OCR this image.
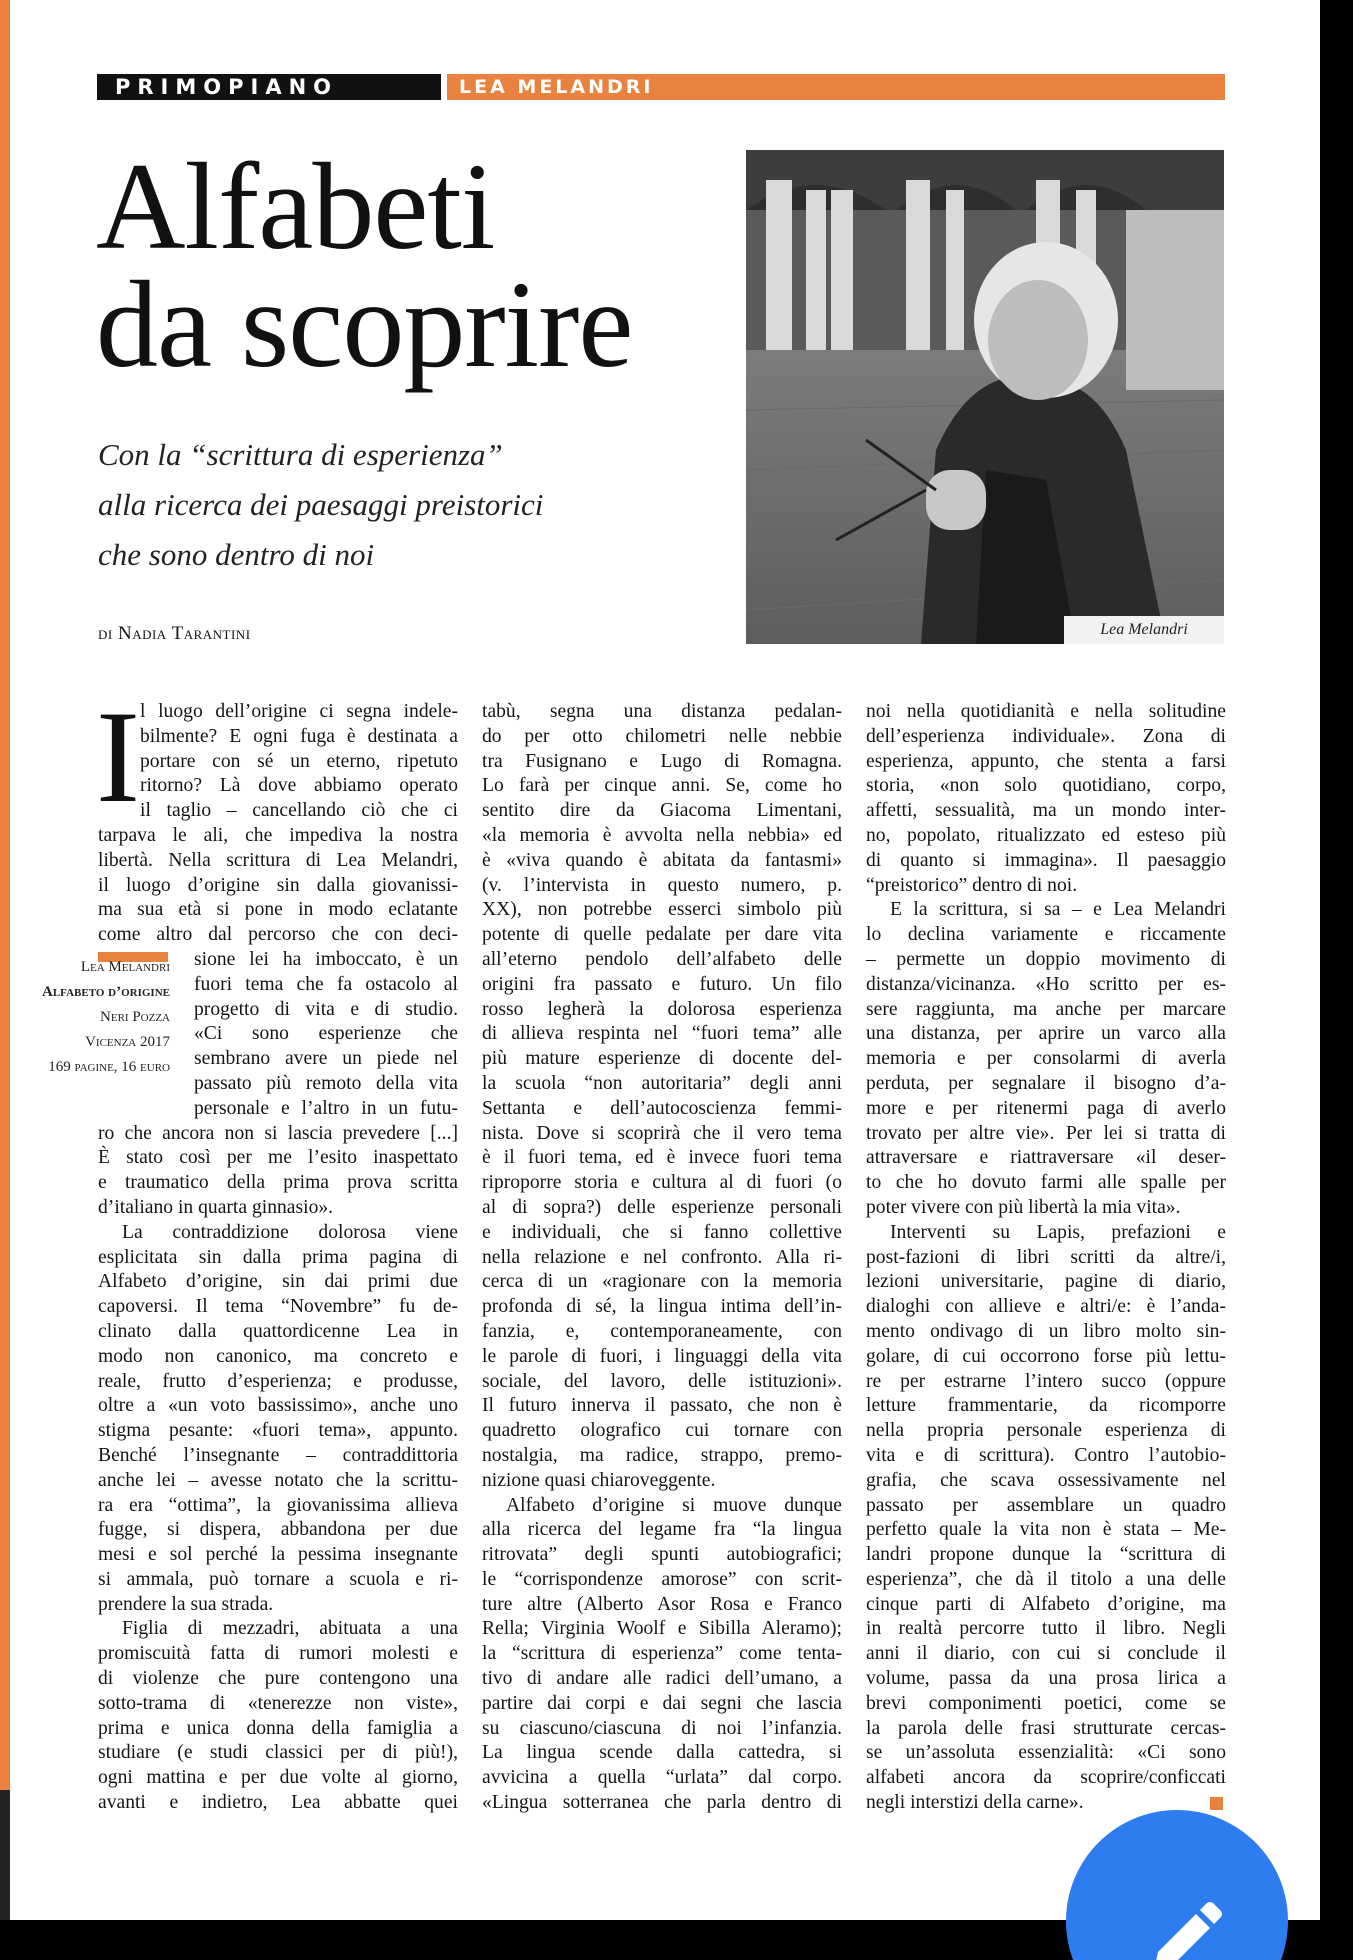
PRIMOPIANO	LEA MELANDRI
Alfabeti
da scoprire
Con la “scrittura di esperienza”
alla ricerca dei paesaggi preistorici
che sono dentro di noi
di Nadia Tarantini	Lea Melandri
I
Lea Melandri
Alfabeto d’origine
Neri Pozza
Vicenza 2017
169 pagine, 16 euro
l luogo dell’origine ci segna indele-
bilmente? E ogni fuga è destinata a
portare con sé un eterno, ripetuto
ritorno? Là dove abbiamo operato
il taglio – cancellando ciò che ci
tarpava le ali, che impediva la nostra
libertà. Nella scrittura di Lea Melandri,
il luogo d’origine sin dalla giovanissi-
ma sua età si pone in modo eclatante
come altro dal percorso che con deci-
sione lei ha imboccato, è un
fuori tema che fa ostacolo al
progetto di vita e di studio.
«Ci sono esperienze che
sembrano avere un piede nel
passato più remoto della vita
personale e l’altro in un futu-
ro che ancora non si lascia prevedere [...]
È stato così per me l’esito inaspettato
e traumatico della prima prova scritta
d’italiano in quarta ginnasio».
La contraddizione dolorosa viene
esplicitata sin dalla prima pagina di
Alfabeto d’origine, sin dai primi due
capoversi. Il tema “Novembre” fu de-
clinato dalla quattordicenne Lea in
modo non canonico, ma concreto e
reale, frutto d’esperienza; e produsse,
oltre a «un voto bassissimo», anche uno
stigma pesante: «fuori tema», appunto.
Benché l’insegnante – contraddittoria
anche lei – avesse notato che la scrittu-
ra era “ottima”, la giovanissima allieva
fugge, si dispera, abbandona per due
mesi e sol perché la pessima insegnante
si ammala, può tornare a scuola e ri-
prendere la sua strada.
Figlia di mezzadri, abituata a una
promiscuità fatta di rumori molesti e
di violenze che pure contengono una
sotto-trama di «tenerezze non viste»,
prima e unica donna della famiglia a
studiare (e studi classici per di più!),
ogni mattina e per due volte al giorno,
avanti e indietro, Lea abbatte quei
tabù, segna una distanza pedalan-
do per otto chilometri nelle nebbie
tra Fusignano e Lugo di Romagna.
Lo farà per cinque anni. Se, come ho
sentito dire da Giacoma Limentani,
«la memoria è avvolta nella nebbia» ed
è «viva quando è abitata da fantasmi»
(v. l’intervista in questo numero, p.
XX), non potrebbe esserci simbolo più
potente di quelle pedalate per dare vita
all’eterno pendolo dell’alfabeto delle
origini fra passato e futuro. Un filo
rosso legherà la dolorosa esperienza
di allieva respinta nel “fuori tema” alle
più mature esperienze di docente del-
la scuola “non autoritaria” degli anni
Settanta e dell’autocoscienza femmi-
nista. Dove si scoprirà che il vero tema
è il fuori tema, ed è invece fuori tema
riproporre storia e cultura al di fuori (o
al di sopra?) delle esperienze personali
e individuali, che si fanno collettive
nella relazione e nel confronto. Alla ri-
cerca di un «ragionare con la memoria
profonda di sé, la lingua intima dell’in-
fanzia, e, contemporaneamente, con
le parole di fuori, i linguaggi della vita
sociale, del lavoro, delle istituzioni».
Il futuro innerva il passato, che non è
quadretto olografico cui tornare con
nostalgia, ma radice, strappo, premo-
nizione quasi chiaroveggente.
Alfabeto d’origine si muove dunque
alla ricerca del legame fra “la lingua
ritrovata” degli spunti autobiografici;
le “corrispondenze amorose” con scrit-
ture altre (Alberto Asor Rosa e Franco
Rella; Virginia Woolf e Sibilla Aleramo);
la “scrittura di esperienza” come tenta-
tivo di andare alle radici dell’umano, a
partire dai corpi e dai segni che lascia
su ciascuno/ciascuna di noi l’infanzia.
La lingua scende dalla cattedra, si
avvicina a quella “urlata” dal corpo.
«Lingua sotterranea che parla dentro di
noi nella quotidianità e nella solitudine
dell’esperienza individuale». Zona di
esperienza, appunto, che stenta a farsi
storia, «non solo quotidiano, corpo,
affetti, sessualità, ma un mondo inter-
no, popolato, ritualizzato ed esteso più
di quanto si immagina». Il paesaggio
“preistorico” dentro di noi.
E la scrittura, si sa – e Lea Melandri
lo declina variamente e riccamente
– permette un doppio movimento di
distanza/vicinanza. «Ho scritto per es-
sere raggiunta, ma anche per marcare
una distanza, per aprire un varco alla
memoria e per consolarmi di averla
perduta, per segnalare il bisogno d’a-
more e per ritenermi paga di averlo
trovato per altre vie». Per lei si tratta di
attraversare e riattraversare «il deser-
to che ho dovuto farmi alle spalle per
poter vivere con più libertà la mia vita».
Interventi su Lapis, prefazioni e
post-fazioni di libri scritti da altre/i,
lezioni universitarie, pagine di diario,
dialoghi con allieve e altri/e: è l’anda-
mento ondivago di un libro molto sin-
golare, di cui occorrono forse più lettu-
re per estrarne l’intero succo (oppure
letture frammentarie, da ricomporre
nella propria personale esperienza di
vita e di scrittura). Contro l’autobio-
grafia, che scava ossessivamente nel
passato per assemblare un quadro
perfetto quale la vita non è stata – Me-
landri propone dunque la “scrittura di
esperienza”, che dà il titolo a una delle
cinque parti di Alfabeto d’origine, ma
in realtà percorre tutto il libro. Negli
anni il diario, con cui si conclude il
volume, passa da una prosa lirica a
brevi componimenti poetici, come se
la parola delle frasi strutturate cercas-
se un’assoluta essenzialità: «Ci sono
alfabeti ancora da scoprire/conficcati
negli interstizi della carne».
